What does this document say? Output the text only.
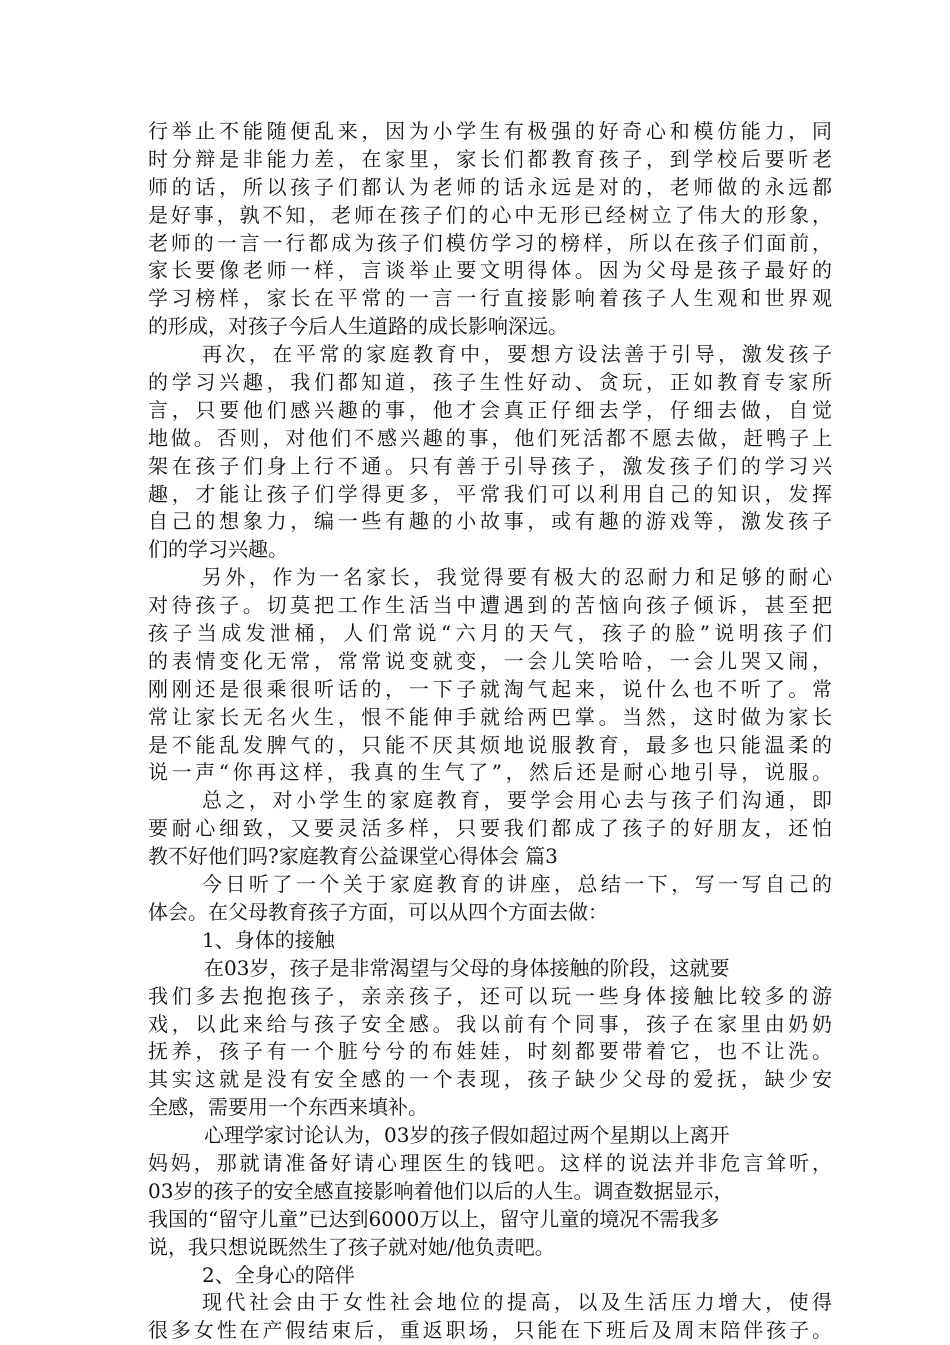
行举止不能随便乱来，因为小学生有极强的好奇心和模仿能力，同
时分辩是非能力差，在家里，家长们都教育孩子，到学校后要听老
师的话，所以孩子们都认为老师的话永远是对的，老师做的永远都
是好事，孰不知，老师在孩子们的心中无形已经树立了伟大的形象，
老师的一言一行都成为孩子们模仿学习的榜样，所以在孩子们面前，
家长要像老师一样，言谈举止要文明得体。因为父母是孩子最好的
学习榜样，家长在平常的一言一行直接影响着孩子人生观和世界观
的形成，对孩子今后人生道路的成长影响深远。
再次，在平常的家庭教育中，要想方设法善于引导，激发孩子
的学习兴趣，我们都知道，孩子生性好动、贪玩，正如教育专家所
言，只要他们感兴趣的事，他才会真正仔细去学，仔细去做，自觉
地做。否则，对他们不感兴趣的事，他们死活都不愿去做，赶鸭子上
架在孩子们身上行不通。只有善于引导孩子，激发孩子们的学习兴
趣，才能让孩子们学得更多，平常我们可以利用自己的知识，发挥
自己的想象力，编一些有趣的小故事，或有趣的游戏等，激发孩子
们的学习兴趣。
另外，作为一名家长，我觉得要有极大的忍耐力和足够的耐心
对待孩子。切莫把工作生活当中遭遇到的苦恼向孩子倾诉，甚至把
孩子当成发泄桶，人们常说“六月的天气，孩子的脸”说明孩子们
的表情变化无常，常常说变就变，一会儿笑哈哈，一会儿哭又闹，
刚刚还是很乘很听话的，一下子就淘气起来，说什么也不听了。常
常让家长无名火生，恨不能伸手就给两巴掌。当然，这时做为家长
是不能乱发脾气的，只能不厌其烦地说服教育，最多也只能温柔的
说一声“你再这样，我真的生气了”，然后还是耐心地引导，说服。
总之，对小学生的家庭教育，要学会用心去与孩子们沟通，即
要耐心细致，又要灵活多样，只要我们都成了孩子的好朋友，还怕
教不好他们吗?家庭教育公益课堂心得体会 篇3
今日听了一个关于家庭教育的讲座，总结一下，写一写自己的
体会。在父母教育孩子方面，可以从四个方面去做：
1、身体的接触
在03岁，孩子是非常渴望与父母的身体接触的阶段，这就要
我们多去抱抱孩子，亲亲孩子，还可以玩一些身体接触比较多的游
戏，以此来给与孩子安全感。我以前有个同事，孩子在家里由奶奶
抚养，孩子有一个脏兮兮的布娃娃，时刻都要带着它，也不让洗。
其实这就是没有安全感的一个表现，孩子缺少父母的爱抚，缺少安
全感，需要用一个东西来填补。
心理学家讨论认为，03岁的孩子假如超过两个星期以上离开
妈妈，那就请准备好请心理医生的钱吧。这样的说法并非危言耸听，
03岁的孩子的安全感直接影响着他们以后的人生。调查数据显示，
我国的“留守儿童”已达到6000万以上，留守儿童的境况不需我多
说，我只想说既然生了孩子就对她/他负责吧。
2、全身心的陪伴
现代社会由于女性社会地位的提高，以及生活压力增大，使得
很多女性在产假结束后，重返职场，只能在下班后及周末陪伴孩子。
